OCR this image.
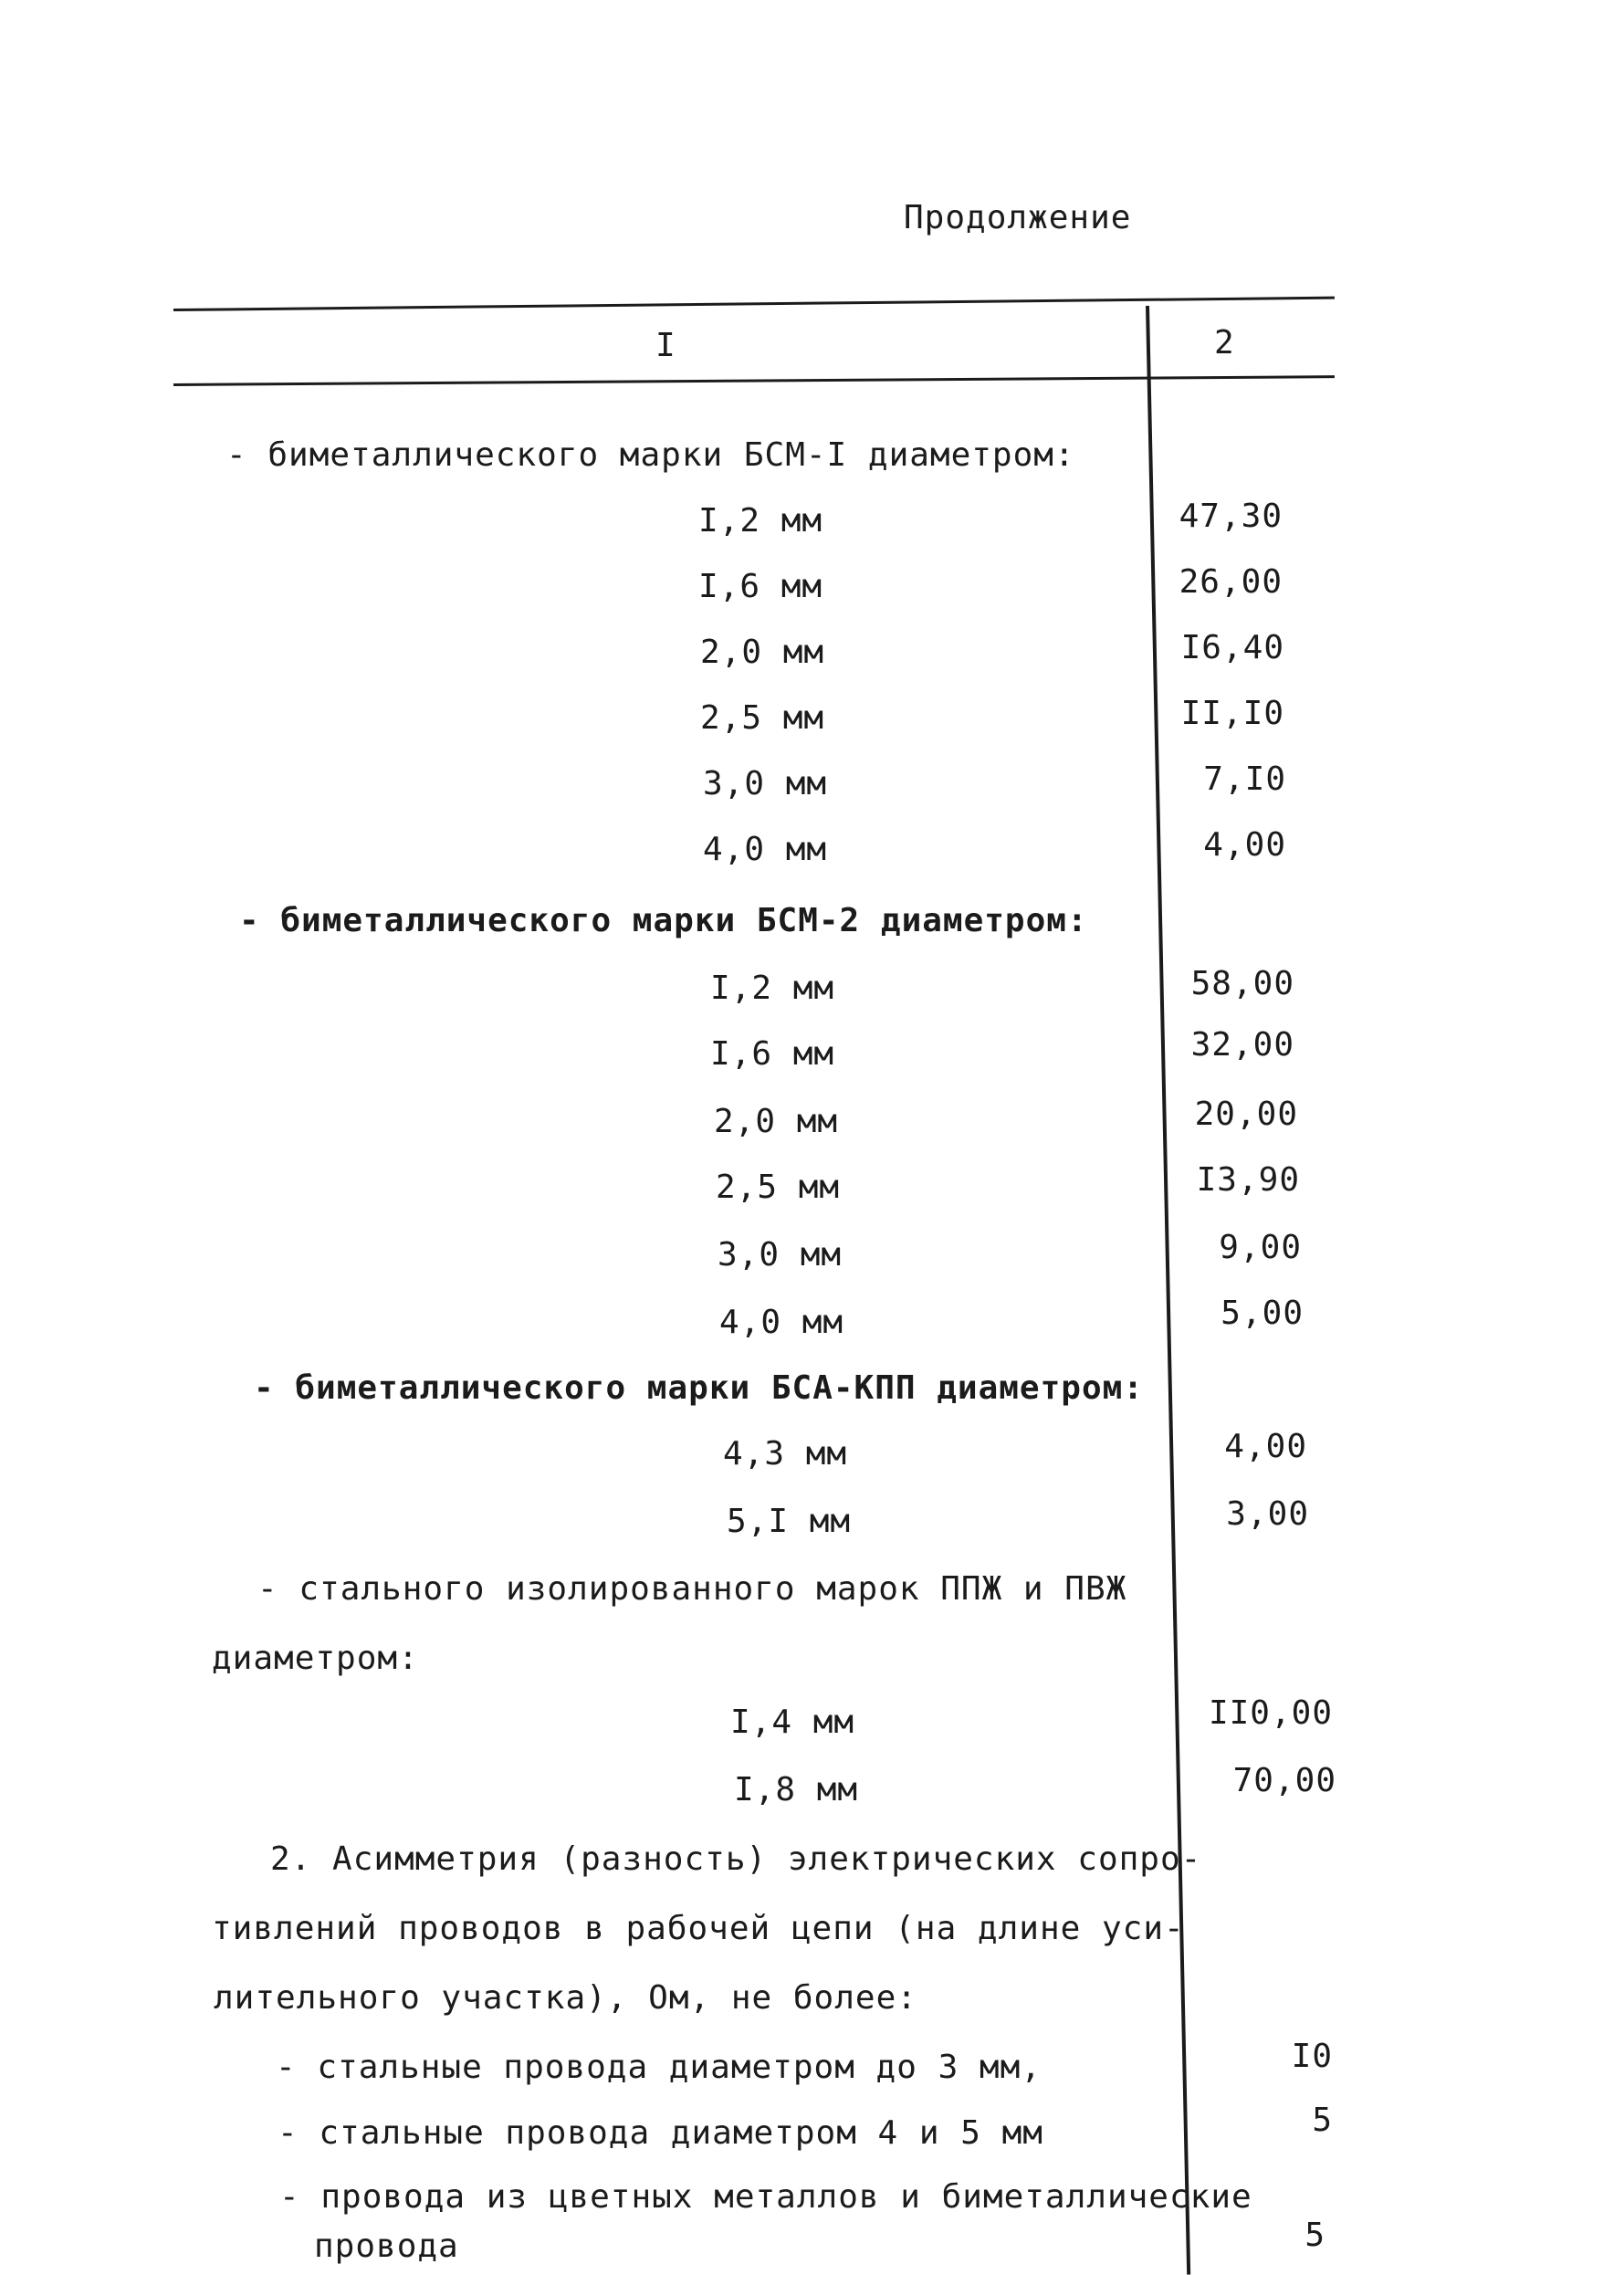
Продолжение
I	2
- биметаллического марки БСМ-I диаметром:
I,2 мм	47,30
I,6 мм	26,00
2,0 мм	I6,40
2,5 мм	II,I0
3,0 мм	7,I0
4,0 мм	4,00
- биметаллического марки БСМ-2 диаметром:
I,2 мм	58,00
I,6 мм	32,00
2,0 мм	20,00
2,5 мм	I3,90
3,0 мм	9,00
4,0 мм	5,00
- биметаллического марки БСА-КПП диаметром:
4,3 мм	4,00
5,I мм	3,00
- стального изолированного марок ППЖ и ПВЖ
диаметром:
I,4 мм	II0,00
I,8 мм	70,00
2. Асимметрия (разность) электрических сопро-
тивлений проводов в рабочей цепи (на длине уси-
лительного участка), Ом, не более:
- стальные провода диаметром до 3 мм,	I0
- стальные провода диаметром 4 и 5 мм	5
- провода из цветных металлов и биметаллические
провода	5
